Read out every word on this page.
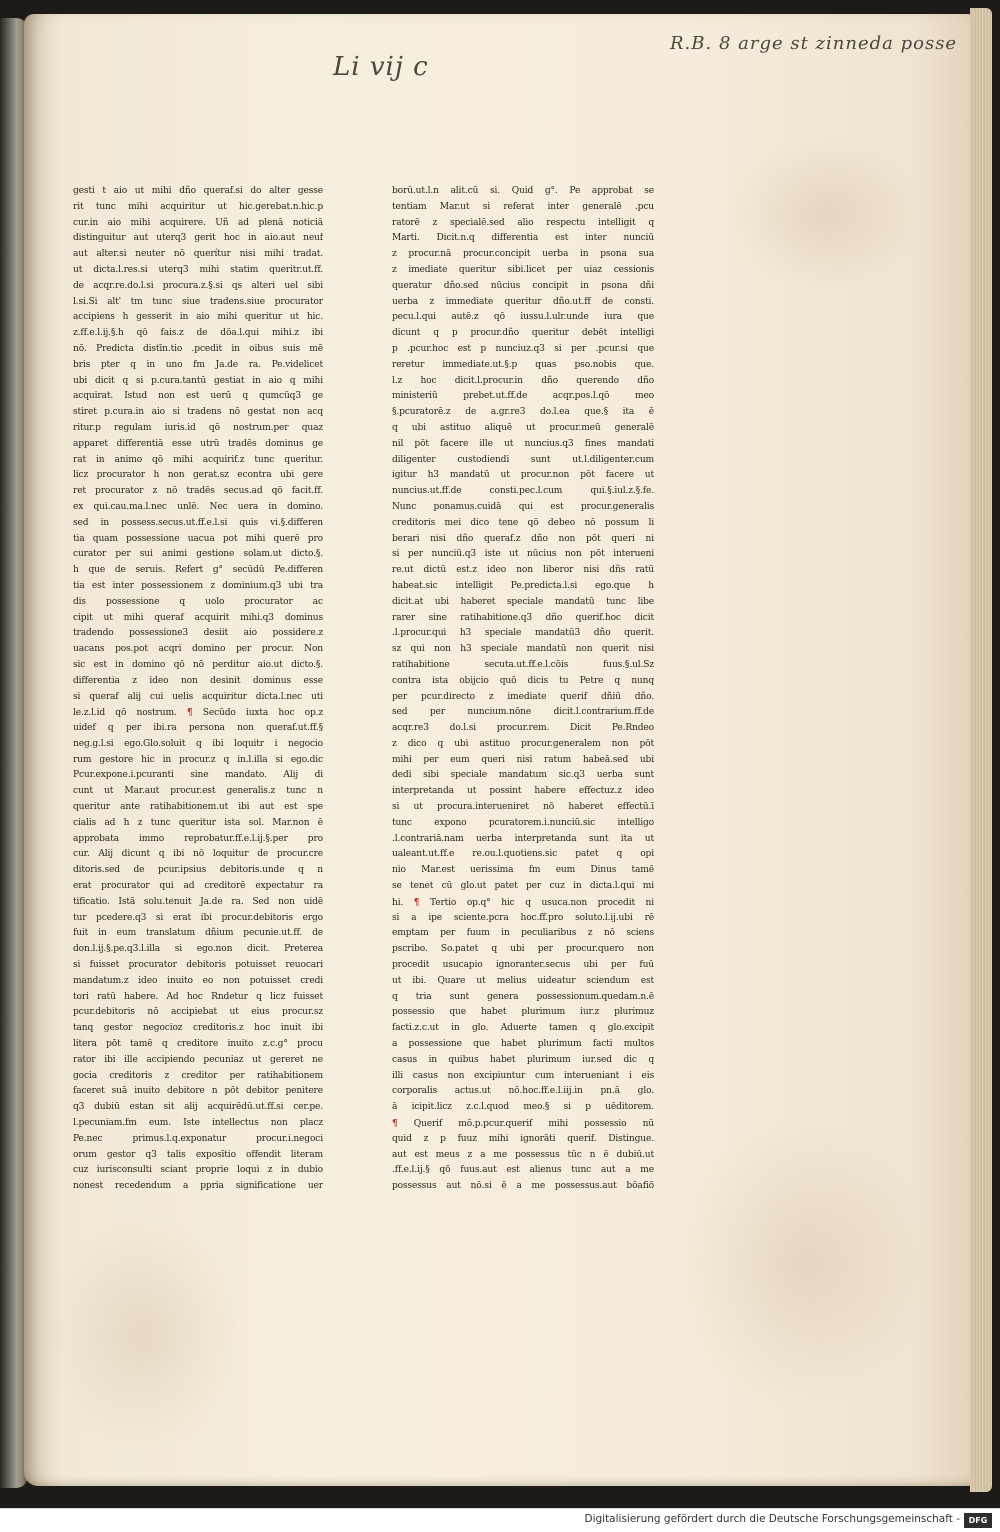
Li vij c
R.B. 8 arge st zinneda posse
gesti t aio ut mihi dño queraf.si do alter gesse
rit tunc mihi acquiritur ut hic.gerebat.n.hic.p
cur.in aio mihi acquirere. Uñ ad plenā noticiā
distinguitur aut uterq3 gerit hoc in aio.aut neuf
aut alter.si neuter nō querítur nisi mihi tradat.
ut dicta.l.res.si uterq3 mihi statim queritr.ut.ff.
de acqr.re.do.l.si procura.z.§.si qs alteri uel sibi
l.si.Si alt' tm tunc siue tradens.siue procurator
accipiens h gesserit in aio mihi queritur ut hic.
z.ff.e.l.ij.§.h qō fais.z de dōa.l.qui mihi.z ibi
nō. Predicta distīn.tio .pcedit in oibus suis mē
bris pter q in uno fm Ja.de ra. Pe.videlicet
ubi dicit q si p.cura.tantū gestiat in aio q mihi
acquirat. Istud non est uerū q qumcūq3 ge
stiret p.cura.in aio si tradens nō gestat non acq
ritur.p regulam iuris.id qō nostrum.per quaz
apparet differentiā esse utrū tradēs dominus ge
rat in animo qō mihi acquirif.z tunc queritur.
licz procurator h non gerat.sz econtra ubi gere
ret procurator z nō tradēs secus.ad qō facit.ff.
ex qui.cau.ma.l.nec unlē. Nec uera in domino.
sed in possess.secus.ut.ff.e.l.si quis vi.§.differen
tia quam possessione uacua pot mihi querē pro
curator per sui animi gestione solam.ut dicto.§.
h que de seruis. Refert g° secūdū Pe.differen
tia est inter possessionem z dominium.q3 ubi tra
dis possessione q uolo procurator ac
cipit ut mihi queraf acquirit mihi.q3 dominus
tradendo possessione3 desiit aio possidere.z
uacans pos.pot acqri domino per procur. Non
sic est in domino qō nō perditur aio.ut dicto.§.
differentia z ideo non desinit dominus esse
si queraf alij cui uelis acquiritur dicta.l.nec uti
le.z.l.id qō nostrum. ¶ Secūdo iuxta hoc op.z
uidef q per ibi.ra persona non queraf.ut.ff.§
neg.g.l.si ego.Glo.soluit q ibi loquitr i negocio
rum gestore hic in procur.z q in.l.illa si ego.dic
Pcur.expone.i.pcuranti sine mandato. Alij di
cunt ut Mar.aut procur.est generalis.z tunc n
queritur ante ratihabitionem.ut ibi aut est spe
cialis ad h z tunc queritur ista sol. Mar.non ē
approbata immo reprobatur.ff.e.l.ij.§.per pro
cur. Alij dicunt q ibi nō loquitur de procur.cre
ditoris.sed de pcur.ipsius debitoris.unde q n
erat procurator qui ad creditorē expectatur ra
tificatio. Istā solu.tenuit Ja.de ra. Sed non uidē
tur pcedere.q3 si erat ibi procur.debitoris ergo
fuit in eum translatum dñium pecunie.ut.ff. de
don.l.ij.§.pe.q3.l.illa si ego.non dicit. Preterea
si fuisset procurator debitoris potuisset reuocari
mandatum.z ideo inuito eo non potuisset credi
tori ratū habere. Ad hoc Rndetur q licz fuisset
pcur.debitoris nō accipiebat ut eius procur.sz
tanq gestor negocioz creditoris.z hoc inuit ibi
litera pōt tamē q creditore inuito z.c.g° procu
rator ibi ille accipiendo pecuniaz ut gereret ne
gocia creditoris z creditor per ratihabitionem
faceret suā inuito debitore n pōt debitor penitere
q3 dubiū estan sit alij acquirēdū.ut.ff.si cer.pe.
l.pecuniam.fm eum. Iste intellectus non placz
Pe.nec primus.l.q.exponatur procur.i.negoci
orum gestor q3 talis exposītio offendit literam
cuz iurisconsulti sciant proprie loqui z in dubio
nonest recedendum a ppria significatione uer
borū.ut.l.n alit.cū si. Quid g°. Pe approbat se
tentiam Mar.ut si referat inter generalē .pcu
ratorē z specialē.sed alio respectu intelligit q
Marti. Dicit.n.q differentia est inter nunciū
z procur.nā procur.concipit uerba in psona sua
z imediate queritur sibi.licet per uiaz cessionis
queratur dño.sed nūcius concipit in psona dñi
uerba z immediate queritur dño.ut.ff de consti.
pecu.l.qui autē.z qō iussu.l.ulr.unde iura que
dicunt q p procur.dño queritur debēt intelligi
p .pcur.hoc est p nunciuz.q3 si per .pcur.si que
reretur immediate.ut.§.p quas pso.nobis que.
l.z hoc dicit.l.procur.in dño querendo dño
ministeriū prebet.ut.ff.de acqr.pos.l.qō meo
§.pcuratorē.z de a.gr.re3 do.l.ea que.§ ita ē
q ubi astituo aliquē ut procur.meū generalē
nil pōt facere ille ut nuncius.q3 fines mandati
diligenter custodiendi sunt ut.l.diligenter.cum
igitur h3 mandatū ut procur.non pōt facere ut
nuncius.ut.ff.de consti.pec.l.cum qui.§.iul.z.§.fe.
Nunc ponamus.cuidā qui est procur.generalis
creditoris mei dico tene qō debeo nō possum li
berari nisi dño queraf.z dño non pōt queri ni
si per nunciū.q3 iste ut nūcius non pōt interueni
re.ut dictū est.z ideo non liberor nisi dñs ratū
habeat.sic intelligit Pe.predicta.l.si ego.que h
dicit.at ubi haberet speciale mandatū tunc libe
rarer sine ratihabitione.q3 dño querif.hoc dicit
.l.procur.qui h3 speciale mandatū3 dño querit.
sz qui non h3 speciale mandatū non querit nisi
ratihabitione secuta.ut.ff.e.l.cōis fuus.§.ul.Sz
contra ista obijcio quō dicis tu Petre q nunq
per pcur.directo z imediate querif dñiū dño.
sed per nuncium.nōne dicit.l.contrarium.ff.de
acqr.re3 do.l.si procur.rem. Dicit Pe.Rndeo
z dico q ubi astituo procur.generalem non pōt
mihi per eum queri nisi ratum habeā.sed ubi
dedi sibi speciale mandatum sic.q3 uerba sunt
interpretanda ut possint habere effectuz.z ideo
si ut procura.interueniret nō haberet effectū.ī
tunc expono pcuratorem.i.nunciū.sic intelligo
.l.contrariā.nam uerba interpretanda sunt ita ut
ualeant.ut.ff.e re.ou.l.quotiens.sic patet q opi
nio Mar.est uerissima fm eum Dinus tamē
se tenet cū glo.ut patet per cuz in dicta.l.qui mi
hi. ¶ Tertio op.q° hic q usuca.non procedit ni
si a ipe sciente.pcra hoc.ff.pro soluto.l.ij.ubi rē
emptam per fuum in peculiaribus z nō sciens
pscribo. So.patet q ubi per procur.quero non
procedit usucapio ignoranter.secus ubi per fuū
ut ibi. Quare ut melius uideatur sciendum est
q tria sunt genera possessionum.quedam.n.ē
possessio que habet plurimum iur.z plurimuz
facti.z.c.ut in glo. Aduerte tamen q glo.excipit
a possessione que habet plurimum facti multos
casus in quibus habet plurimum iur.sed dic q
illi casus non excipiuntur cum interueniant i eis
corporalis actus.ut nō.hoc.ff.e.l.iij.in pn.ā glo.
ā icipit.licz z.c.l.quod meo.§ si p uēditorem.
¶ Querif mō.p.pcur.querif mihi possessio nū
quid z p fuuz mihi ignorāti querif. Distingue.
aut est meus z a me possessus tūc n ē dubiū.ut
.ff.e.l.ij.§ qō fuus.aut est alienus tunc aut a me
possessus aut nō.si ē a me possessus.aut bōafiō
Digitalisierung gefördert durch die Deutsche Forschungsgemeinschaft -	DFG
